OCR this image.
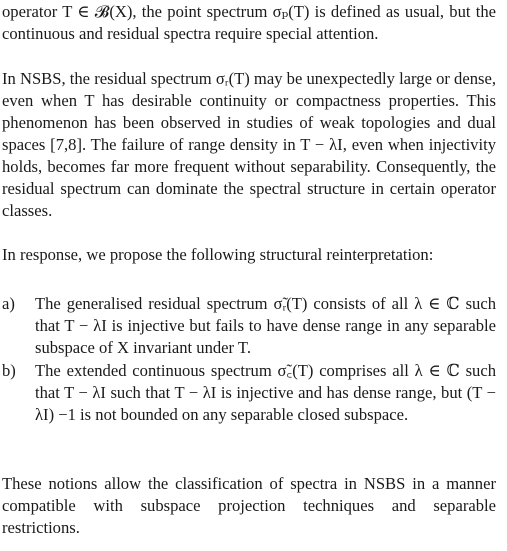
operator T ∈ 𝓑(X), the point spectrum σₚ(T) is defined as usual, but the continuous and residual spectra require special attention.

In NSBS, the residual spectrum σᵣ(T) may be unexpectedly large or dense, even when T has desirable continuity or compactness properties. This phenomenon has been observed in studies of weak topologies and dual spaces [7,8]. The failure of range density in T − λI, even when injectivity holds, becomes far more frequent without separability. Consequently, the residual spectrum can dominate the spectral structure in certain operator classes.

In response, we propose the following structural reinterpretation:

a)	The generalised residual spectrum σ̃ᵣ(T) consists of all λ ∈ ℂ such that T − λI is injective but fails to have dense range in any separable subspace of X invariant under T.
b)	The extended continuous spectrum σ̃꜀(T) comprises all λ ∈ ℂ such that T − λI such that T − λI is injective and has dense range, but (T − λI) −1 is not bounded on any separable closed subspace.

These notions allow the classification of spectra in NSBS in a manner compatible with subspace projection techniques and separable restrictions.
